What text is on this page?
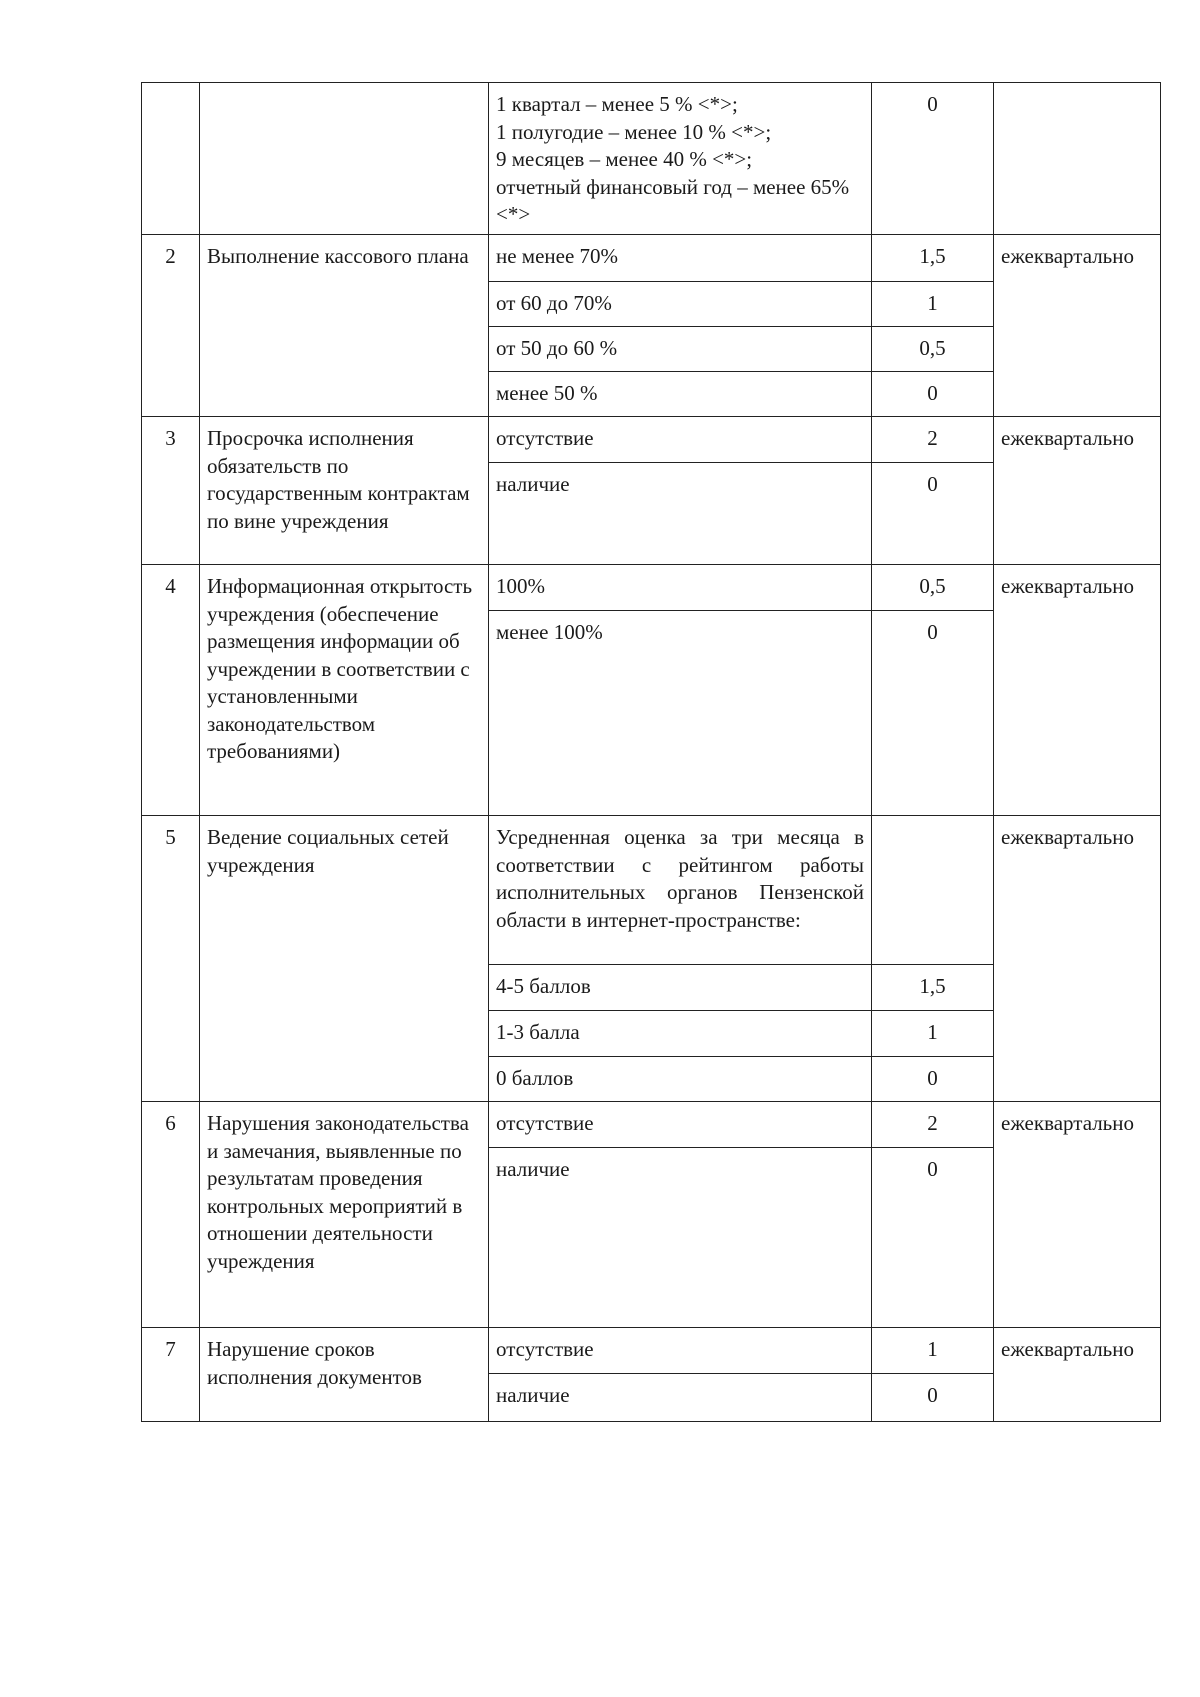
		1 квартал – менее 5 % <*>;
1 полугодие – менее 10 % <*>;
9 месяцев – менее 40 % <*>;
отчетный финансовый год – менее 65% <*>	0	
2	Выполнение кассового плана	не менее 70%	1,5	ежеквартально
		от 60 до 70%	1	
		от 50 до 60 %	0,5	
		менее 50 %	0	
3	Просрочка исполнения обязательств по государственным контрактам по вине учреждения	отсутствие	2	ежеквартально
		наличие	0	
4	Информационная открытость учреждения (обеспечение размещения информации об учреждении в соответствии с установленными законодательством требованиями)	100%	0,5	ежеквартально
		менее 100%	0	
5	Ведение социальных сетей учреждения	Усредненная оценка за три месяца в соответствии с рейтингом работы исполнительных органов Пензенской области в интернет-пространстве:		ежеквартально
		4-5 баллов	1,5	
		1-3 балла	1	
		0 баллов	0	
6	Нарушения законодательства и замечания, выявленные по результатам проведения контрольных мероприятий в отношении деятельности учреждения	отсутствие	2	ежеквартально
		наличие	0	
7	Нарушение сроков исполнения документов	отсутствие	1	ежеквартально
		наличие	0	
